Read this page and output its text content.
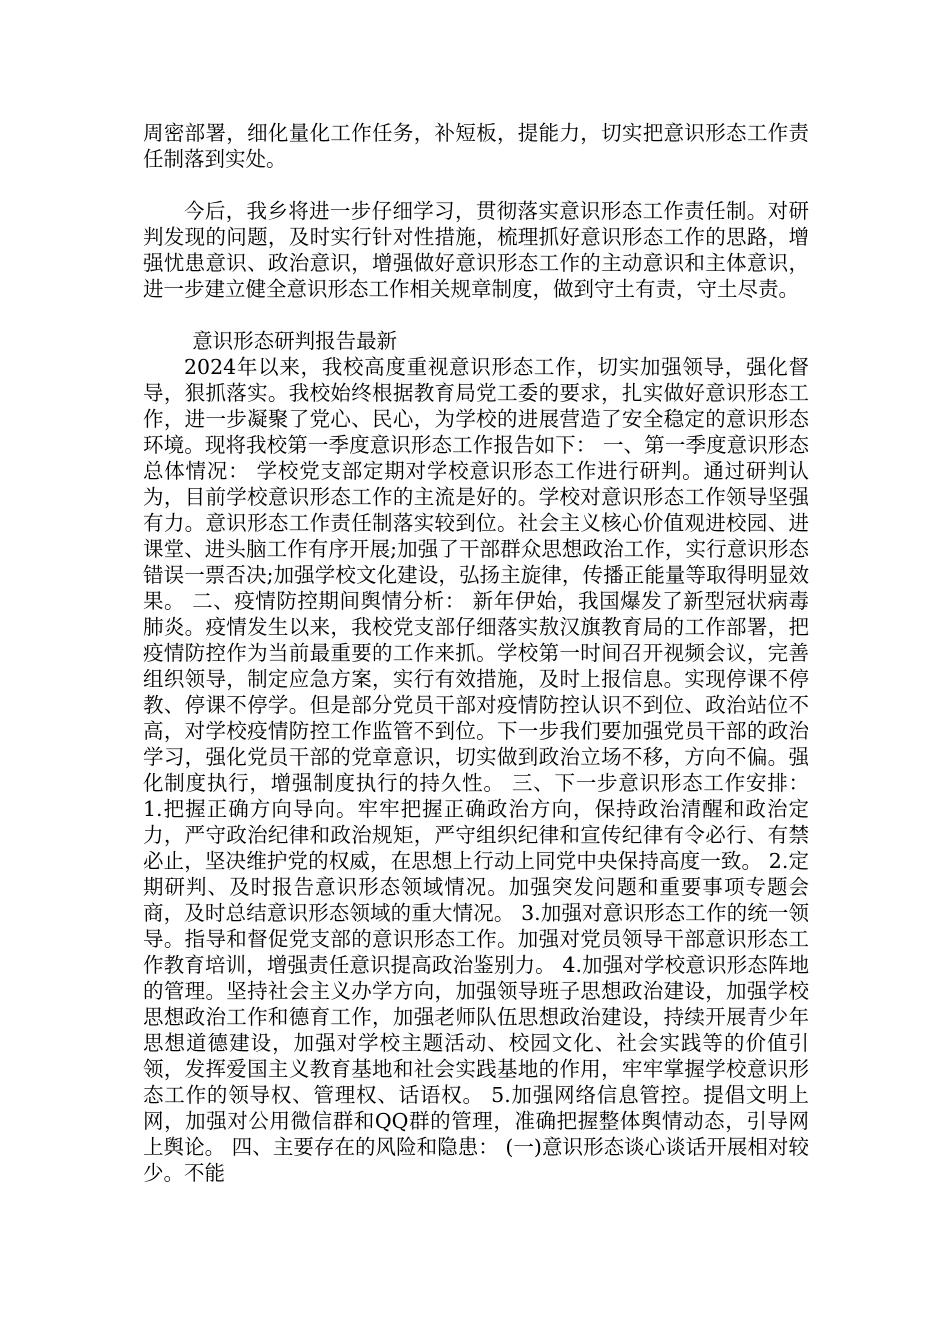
周密部署，细化量化工作任务，补短板，提能力，切实把意识形态工作责任制落到实处。

今后，我乡将进一步仔细学习，贯彻落实意识形态工作责任制。对研判发现的问题，及时实行针对性措施，梳理抓好意识形态工作的思路，增强忧患意识、政治意识，增强做好意识形态工作的主动意识和主体意识，进一步建立健全意识形态工作相关规章制度，做到守土有责，守土尽责。

意识形态研判报告最新

2024年以来，我校高度重视意识形态工作，切实加强领导，强化督导，狠抓落实。我校始终根据教育局党工委的要求，扎实做好意识形态工作，进一步凝聚了党心、民心，为学校的进展营造了安全稳定的意识形态环境。现将我校第一季度意识形态工作报告如下： 一、第一季度意识形态总体情况： 学校党支部定期对学校意识形态工作进行研判。通过研判认为，目前学校意识形态工作的主流是好的。学校对意识形态工作领导坚强有力。意识形态工作责任制落实较到位。社会主义核心价值观进校园、进课堂、进头脑工作有序开展;加强了干部群众思想政治工作，实行意识形态错误一票否决;加强学校文化建设，弘扬主旋律，传播正能量等取得明显效果。 二、疫情防控期间舆情分析： 新年伊始，我国爆发了新型冠状病毒肺炎。疫情发生以来，我校党支部仔细落实敖汉旗教育局的工作部署，把疫情防控作为当前最重要的工作来抓。学校第一时间召开视频会议，完善组织领导，制定应急方案，实行有效措施，及时上报信息。实现停课不停教、停课不停学。但是部分党员干部对疫情防控认识不到位、政治站位不高，对学校疫情防控工作监管不到位。下一步我们要加强党员干部的政治学习，强化党员干部的党章意识，切实做到政治立场不移，方向不偏。强化制度执行，增强制度执行的持久性。 三、下一步意识形态工作安排： 1.把握正确方向导向。牢牢把握正确政治方向，保持政治清醒和政治定力，严守政治纪律和政治规矩，严守组织纪律和宣传纪律有令必行、有禁必止，坚决维护党的权威，在思想上行动上同党中央保持高度一致。 2.定期研判、及时报告意识形态领域情况。加强突发问题和重要事项专题会商，及时总结意识形态领域的重大情况。 3.加强对意识形态工作的统一领导。指导和督促党支部的意识形态工作。加强对党员领导干部意识形态工作教育培训，增强责任意识提高政治鉴别力。 4.加强对学校意识形态阵地的管理。坚持社会主义办学方向，加强领导班子思想政治建设，加强学校思想政治工作和德育工作，加强老师队伍思想政治建设，持续开展青少年思想道德建设，加强对学校主题活动、校园文化、社会实践等的价值引领，发挥爱国主义教育基地和社会实践基地的作用，牢牢掌握学校意识形态工作的领导权、管理权、话语权。 5.加强网络信息管控。提倡文明上网，加强对公用微信群和QQ群的管理，准确把握整体舆情动态，引导网上舆论。 四、主要存在的风险和隐患： (一)意识形态谈心谈话开展相对较少。不能
